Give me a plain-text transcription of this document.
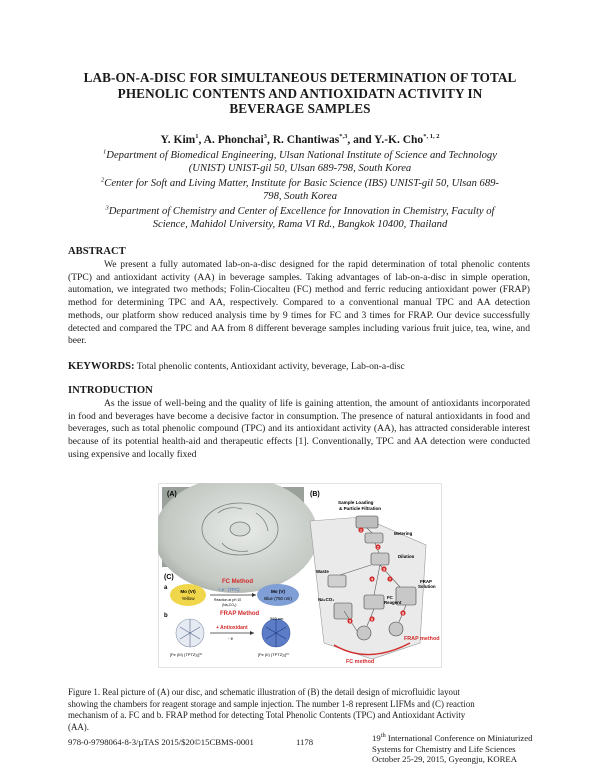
LAB-ON-A-DISC FOR SIMULTANEOUS DETERMINATION OF TOTAL
PHENOLIC CONTENTS AND ANTIOXIDATN ACTIVITY IN
BEVERAGE SAMPLES
Y. Kim$^1$, A. Phonchai$^3$, R. Chantiwas$^{*,3}$, and Y.-K. Cho$^{*, 1, 2}$
$^1$Department of Biomedical Engineering, Ulsan National Institute of Science and Technology
(UNIST) UNIST-gil 50, Ulsan 689-798, South Korea
$^2$Center for Soft and Living Matter, Institute for Basic Science (IBS) UNIST-gil 50, Ulsan 689-
798, South Korea
$^3$Department of Chemistry and Center of Excellence for Innovation in Chemistry, Faculty of
Science, Mahidol University, Rama VI Rd., Bangkok 10400, Thailand
ABSTRACT
We present a fully automated lab-on-a-disc designed for the rapid determination of total phenolic contents (TPC) and antioxidant activity (AA) in beverage samples. Taking advantages of lab-on-a-disc in simple operation, automation, we integrated two methods; Folin-Ciocalteu (FC) method and ferric reducing antioxidant power (FRAP) method for determining TPC and AA, respectively. Compared to a conventional manual TPC and AA detection methods, our platform show reduced analysis time by 9 times for FC and 3 times for FRAP. Our device successfully detected and compared the TPC and AA from 8 different beverage samples including various fruit juice, tea, wine, and beer.
KEYWORDS: Total phenolic contents, Antioxidant activity, beverage, Lab-on-a-disc
INTRODUCTION
As the issue of well-being and the quality of life is gaining attention, the amount of antioxidants incorporated in food and beverages have become a decisive factor in consumption. The presence of natural antioxidants in food and beverages, such as total phenolic compound (TPC) and its antioxidant activity (AA), has attracted considerable interest because of its potential health-aid and therapeutic effects [1]. Conventionally, TPC and AA detection were conducted using expensive and locally fixed
(A)	(B)
Sample Loading
& Particle Filtration
1
2
3
4
5	6
7
8
Metering
Dilution
Waste
Na₂CO₃	FC
Reagent
FRAP
Solution
FRAP method
FC method
(C)
a
FC Method
Mo (VI)
Yellow
+ e⁻ (TPC)
Reaction at pH 10
(Na₂CO₃)
Mo (V)
Blue (750 nm)
b	FRAP Method
+ Antioxidant
- e
593 nm
[Fe (III) (TPTZ)₂]³⁺	[Fe (II) (TPTZ)₂]²⁺
Figure 1. Real picture of (A) our disc, and schematic illustration of (B) the detail design of microfluidic layout
showing the chambers for reagent storage and sample injection. The number 1-8 represent LIFMs and (C) reaction
mechanism of a. FC and b. FRAP method for detecting Total Phenolic Contents (TPC) and Antioxidant Activity
(AA).
978-0-9798064-8-3/µTAS 2015/$20©15CBMS-0001	1178	19th International Conference on Miniaturized
Systems for Chemistry and Life Sciences
October 25-29, 2015, Gyeongju, KOREA
